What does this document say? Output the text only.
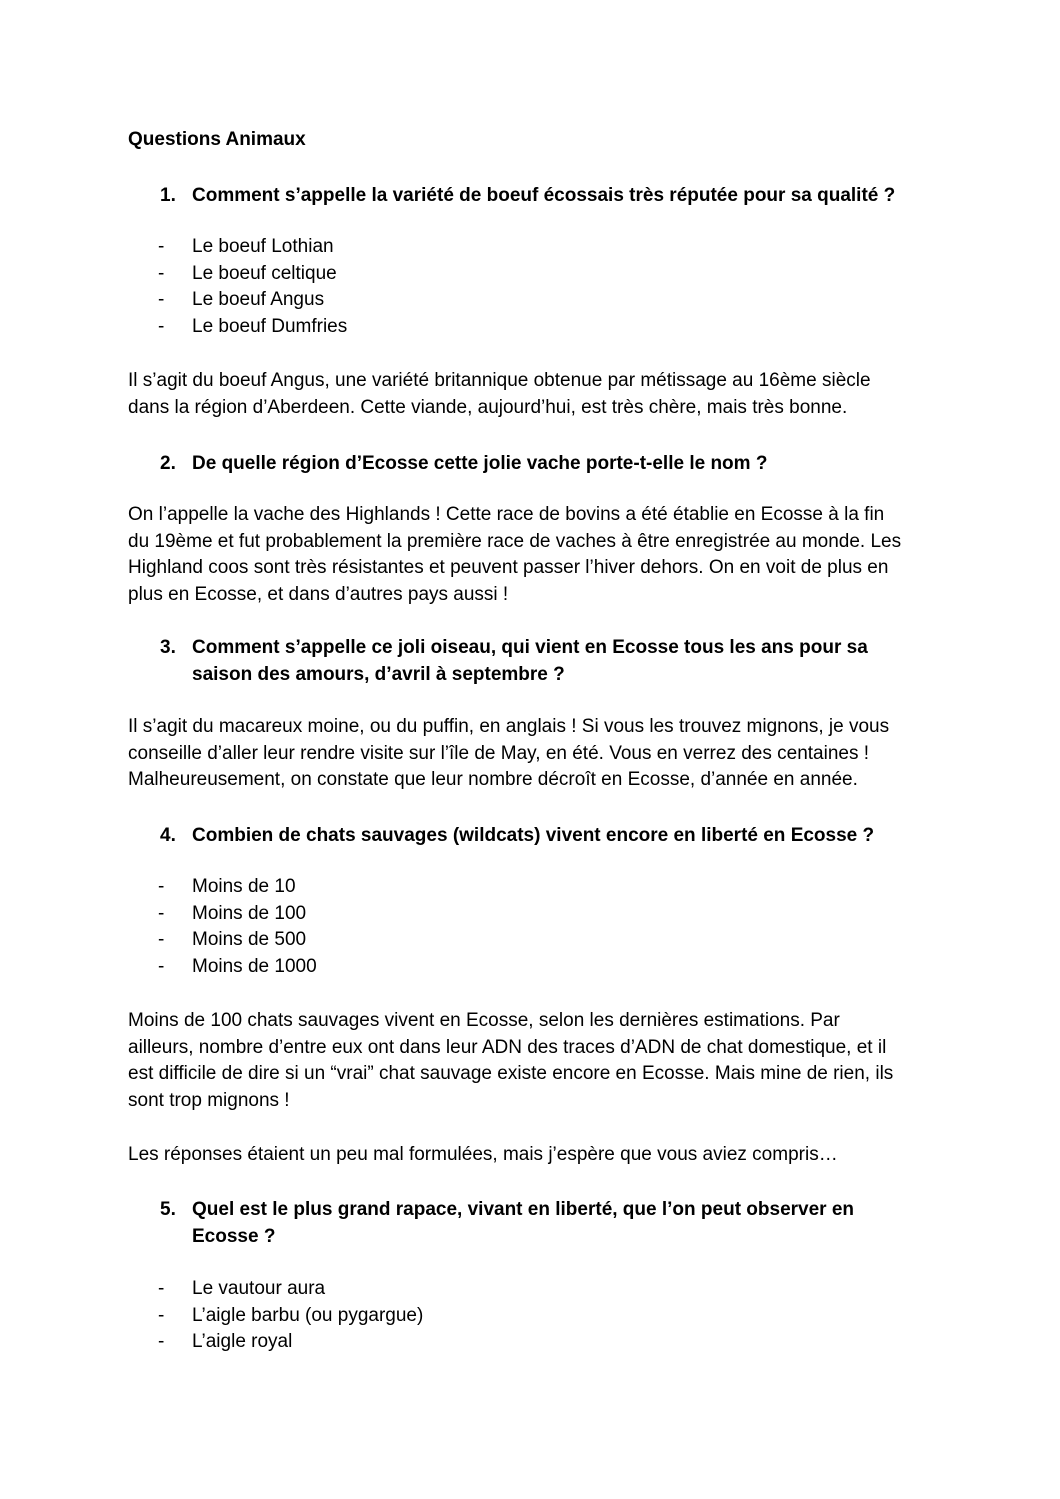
Questions Animaux
1. Comment s’appelle la variété de boeuf écossais très réputée pour sa qualité ?
- Le boeuf Lothian
- Le boeuf celtique
- Le boeuf Angus
- Le boeuf Dumfries
Il s’agit du boeuf Angus, une variété britannique obtenue par métissage au 16ème siècle
dans la région d’Aberdeen. Cette viande, aujourd’hui, est très chère, mais très bonne.
2. De quelle région d’Ecosse cette jolie vache porte-t-elle le nom ?
On l’appelle la vache des Highlands ! Cette race de bovins a été établie en Ecosse à la fin
du 19ème et fut probablement la première race de vaches à être enregistrée au monde. Les
Highland coos sont très résistantes et peuvent passer l’hiver dehors. On en voit de plus en
plus en Ecosse, et dans d’autres pays aussi !
3. Comment s’appelle ce joli oiseau, qui vient en Ecosse tous les ans pour sa
saison des amours, d’avril à septembre ?
Il s’agit du macareux moine, ou du puffin, en anglais ! Si vous les trouvez mignons, je vous
conseille d’aller leur rendre visite sur l’île de May, en été. Vous en verrez des centaines !
Malheureusement, on constate que leur nombre décroît en Ecosse, d’année en année.
4. Combien de chats sauvages (wildcats) vivent encore en liberté en Ecosse ?
- Moins de 10
- Moins de 100
- Moins de 500
- Moins de 1000
Moins de 100 chats sauvages vivent en Ecosse, selon les dernières estimations. Par
ailleurs, nombre d’entre eux ont dans leur ADN des traces d’ADN de chat domestique, et il
est difficile de dire si un “vrai” chat sauvage existe encore en Ecosse. Mais mine de rien, ils
sont trop mignons !
Les réponses étaient un peu mal formulées, mais j’espère que vous aviez compris…
5. Quel est le plus grand rapace, vivant en liberté, que l’on peut observer en
Ecosse ?
- Le vautour aura
- L’aigle barbu (ou pygargue)
- L’aigle royal
